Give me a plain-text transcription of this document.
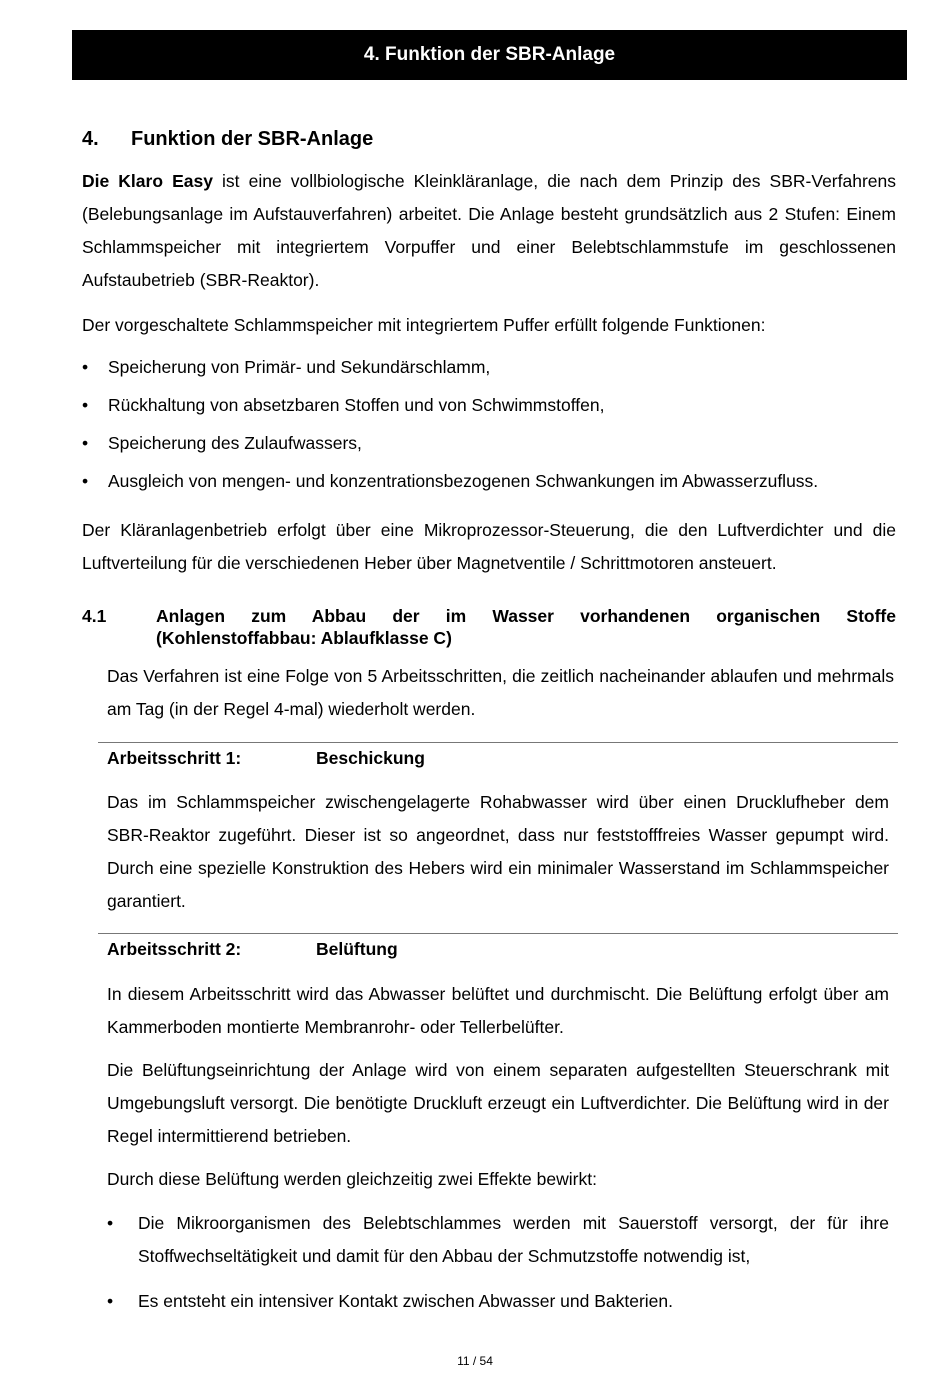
4. Funktion der SBR-Anlage
4. Funktion der SBR-Anlage
Die Klaro Easy ist eine vollbiologische Kleinkläranlage, die nach dem Prinzip des SBR-Verfahrens (Belebungsanlage im Aufstauverfahren) arbeitet. Die Anlage besteht grundsätzlich aus 2 Stufen: Einem Schlammspeicher mit integriertem Vorpuffer und einer Belebtschlammstufe im geschlossenen Aufstaubetrieb (SBR-Reaktor).
Der vorgeschaltete Schlammspeicher mit integriertem Puffer erfüllt folgende Funktionen:
• Speicherung von Primär- und Sekundärschlamm,
• Rückhaltung von absetzbaren Stoffen und von Schwimmstoffen,
• Speicherung des Zulaufwassers,
• Ausgleich von mengen- und konzentrationsbezogenen Schwankungen im Abwasserzufluss.
Der Kläranlagenbetrieb erfolgt über eine Mikroprozessor-Steuerung, die den Luftverdichter und die Luftverteilung für die verschiedenen Heber über Magnetventile / Schrittmotoren ansteuert.
4.1	Anlagen zum Abbau der im Wasser vorhandenen organischen Stoffe
(Kohlenstoffabbau: Ablaufklasse C)
Das Verfahren ist eine Folge von 5 Arbeitsschritten, die zeitlich nacheinander ablaufen und mehrmals am Tag (in der Regel 4-mal) wiederholt werden.
Arbeitsschritt 1:	Beschickung
Das im Schlammspeicher zwischengelagerte Rohabwasser wird über einen Drucklufheber dem SBR-Reaktor zugeführt. Dieser ist so angeordnet, dass nur feststofffreies Wasser gepumpt wird. Durch eine spezielle Konstruktion des Hebers wird ein minimaler Wasserstand im Schlammspeicher garantiert.
Arbeitsschritt 2:	Belüftung
In diesem Arbeitsschritt wird das Abwasser belüftet und durchmischt. Die Belüftung erfolgt über am Kammerboden montierte Membranrohr- oder Tellerbelüfter.
Die Belüftungseinrichtung der Anlage wird von einem separaten aufgestellten Steuerschrank mit Umgebungsluft versorgt. Die benötigte Druckluft erzeugt ein Luftverdichter. Die Belüftung wird in der Regel intermittierend betrieben.
Durch diese Belüftung werden gleichzeitig zwei Effekte bewirkt:
• Die Mikroorganismen des Belebtschlammes werden mit Sauerstoff versorgt, der für ihre Stoffwechseltätigkeit und damit für den Abbau der Schmutzstoffe notwendig ist,
• Es entsteht ein intensiver Kontakt zwischen Abwasser und Bakterien.
11 / 54
